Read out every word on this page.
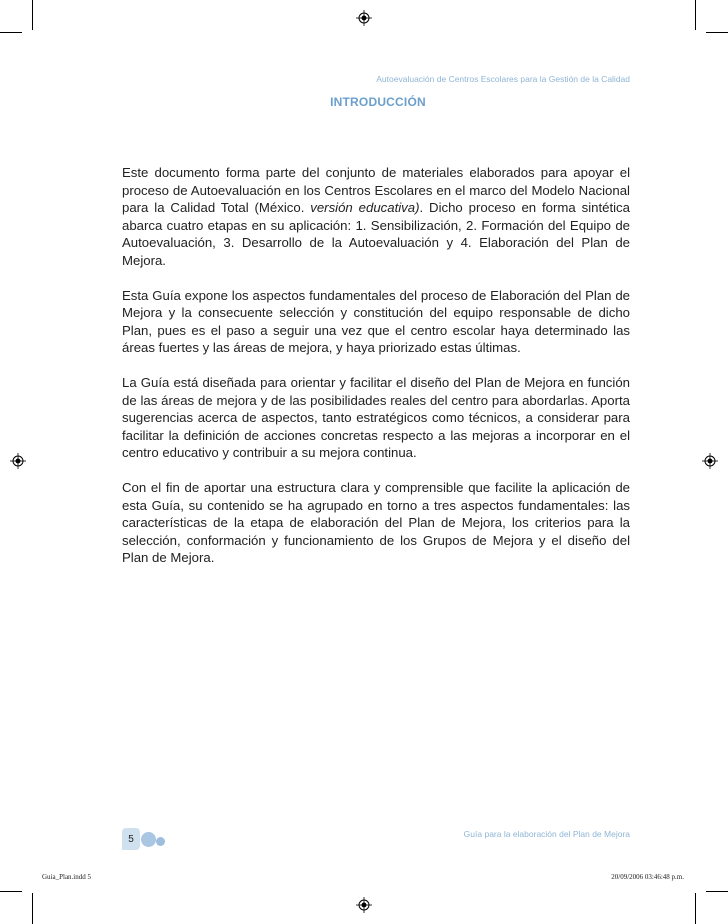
Autoevaluación de Centros Escolares para la Gestión de la Calidad
INTRODUCCIÓN

Este documento forma parte del conjunto de materiales elaborados para apoyar el proceso de Autoevaluación en los Centros Escolares en el marco del Modelo Nacional para la Calidad Total (México. versión educativa). Dicho proceso en forma sintética abarca cuatro etapas en su aplicación: 1. Sensibilización, 2. Formación del Equipo de Autoevaluación, 3. Desarrollo de la Autoevaluación y 4. Elaboración del Plan de Mejora.

Esta Guía expone los aspectos fundamentales del proceso de Elaboración del Plan de Mejora y la consecuente selección y constitución del equipo responsable de dicho Plan, pues es el paso a seguir una vez que el centro escolar haya determinado las áreas fuertes y las áreas de mejora, y haya priorizado estas últimas.

La Guía está diseñada para orientar y facilitar el diseño del Plan de Mejora en función de las áreas de mejora y de las posibilidades reales del centro para abordarlas. Aporta sugerencias acerca de aspectos, tanto estratégicos como técnicos, a considerar para facilitar la definición de acciones concretas respecto a las mejoras a incorporar en el centro educativo y contribuir a su mejora continua.

Con el fin de aportar una estructura clara y comprensible que facilite la aplicación de esta Guía, su contenido se ha agrupado en torno a tres aspectos fundamentales: las características de la etapa de elaboración del Plan de Mejora, los criterios para la selección, conformación y funcionamiento de los Grupos de Mejora y el diseño del Plan de Mejora.

5	Guía para la elaboración del Plan de Mejora
Guia_Plan.indd 5	20/09/2006 03:46:48 p.m.
